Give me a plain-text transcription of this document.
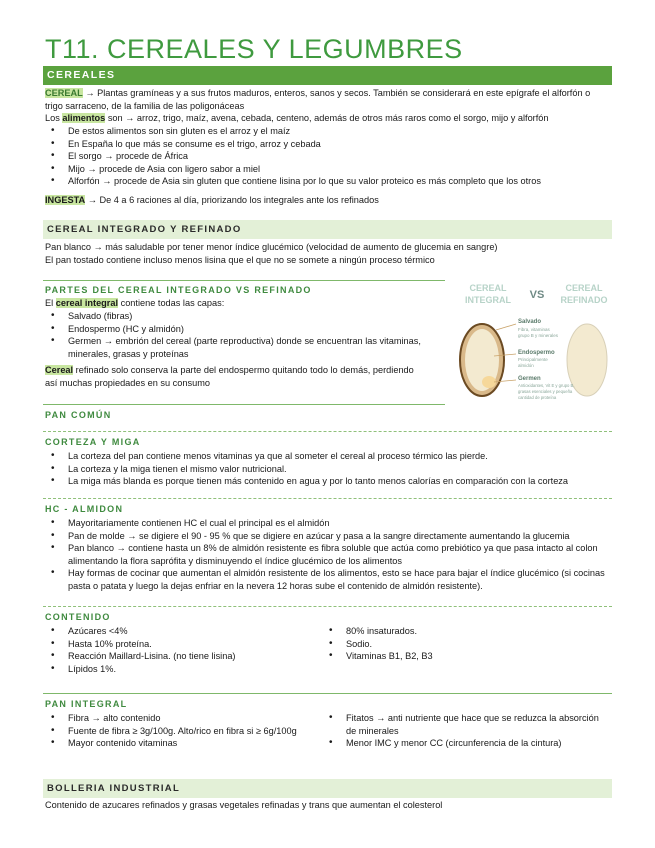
T11. CEREALES Y LEGUMBRES
CEREALES
CEREAL → Plantas gramíneas y a sus frutos maduros, enteros, sanos y secos. También se considerará en este epígrafe el alforfón o
trigo sarraceno, de la familia de las poligonáceas
Los alimentos son → arroz, trigo, maíz, avena, cebada, centeno, además de otros más raros como el sorgo, mijo y alforfón
• De estos alimentos son sin gluten es el arroz y el maíz
• En España lo que más se consume es el trigo, arroz y cebada
• El sorgo → procede de África
• Mijo → procede de Asia con ligero sabor a miel
• Alforfón → procede de Asia sin gluten que contiene lisina por lo que su valor proteico es más completo que los otros
INGESTA → De 4 a 6 raciones al día, priorizando los integrales ante los refinados
CEREAL INTEGRADO Y REFINADO
Pan blanco → más saludable por tener menor índice glucémico (velocidad de aumento de glucemia en sangre)
El pan tostado contiene incluso menos lisina que el que no se somete a ningún proceso térmico
PARTES DEL CEREAL INTEGRADO VS REFINADO
El cereal integral contiene todas las capas:
• Salvado (fibras)
• Endospermo (HC y almidón)
• Germen → embrión del cereal (parte reproductiva) donde se encuentran las vitaminas, minerales, grasas y proteínas
Cereal refinado solo conserva la parte del endospermo quitando todo lo demás, perdiendo
así muchas propiedades en su consumo
CEREAL
INTEGRAL VS
CEREAL
REFINADO
Salvado
Fibra, vitaminas
grupo B y minerales
Endospermo
Principalmente
almidón
Germen
Antioxidantes, Vit E y grupo B,
grasas esenciales y pequeña
cantidad de proteína
PAN COMÚN
CORTEZA Y MIGA
• La corteza del pan contiene menos vitaminas ya que al someter el cereal al proceso térmico las pierde.
• La corteza y la miga tienen el mismo valor nutricional.
• La miga más blanda es porque tienen más contenido en agua y por lo tanto menos calorías en comparación con la corteza
HC - ALMIDON
• Mayoritariamente contienen HC el cual el principal es el almidón
• Pan de molde → se digiere el 90 - 95 % que se digiere en azúcar y pasa a la sangre directamente aumentando la glucemia
• Pan blanco → contiene hasta un 8% de almidón resistente es fibra soluble que actúa como prebiótico ya que pasa intacto al colon alimentando la flora saprófita y disminuyendo el índice glucémico de los alimentos
• Hay formas de cocinar que aumentan el almidón resistente de los alimentos, esto se hace para bajar el índice glucémico (si cocinas pasta o patata y luego la dejas enfriar en la nevera 12 horas sube el contenido de almidón resistente).
CONTENIDO
• Azúcares <4%
• Hasta 10% proteína.
• Reacción Maillard-Lisina. (no tiene lisina)
• Lípidos 1%.
• 80% insaturados.
• Sodio.
• Vitaminas B1, B2, B3
PAN INTEGRAL
• Fibra → alto contenido
• Fuente de fibra ≥ 3g/100g. Alto/rico en fibra si ≥ 6g/100g
• Mayor contenido vitaminas
• Fitatos → anti nutriente que hace que se reduzca la absorción de minerales
• Menor IMC y menor CC (circunferencia de la cintura)
BOLLERIA INDUSTRIAL
Contenido de azucares refinados y grasas vegetales refinadas y trans que aumentan el colesterol
